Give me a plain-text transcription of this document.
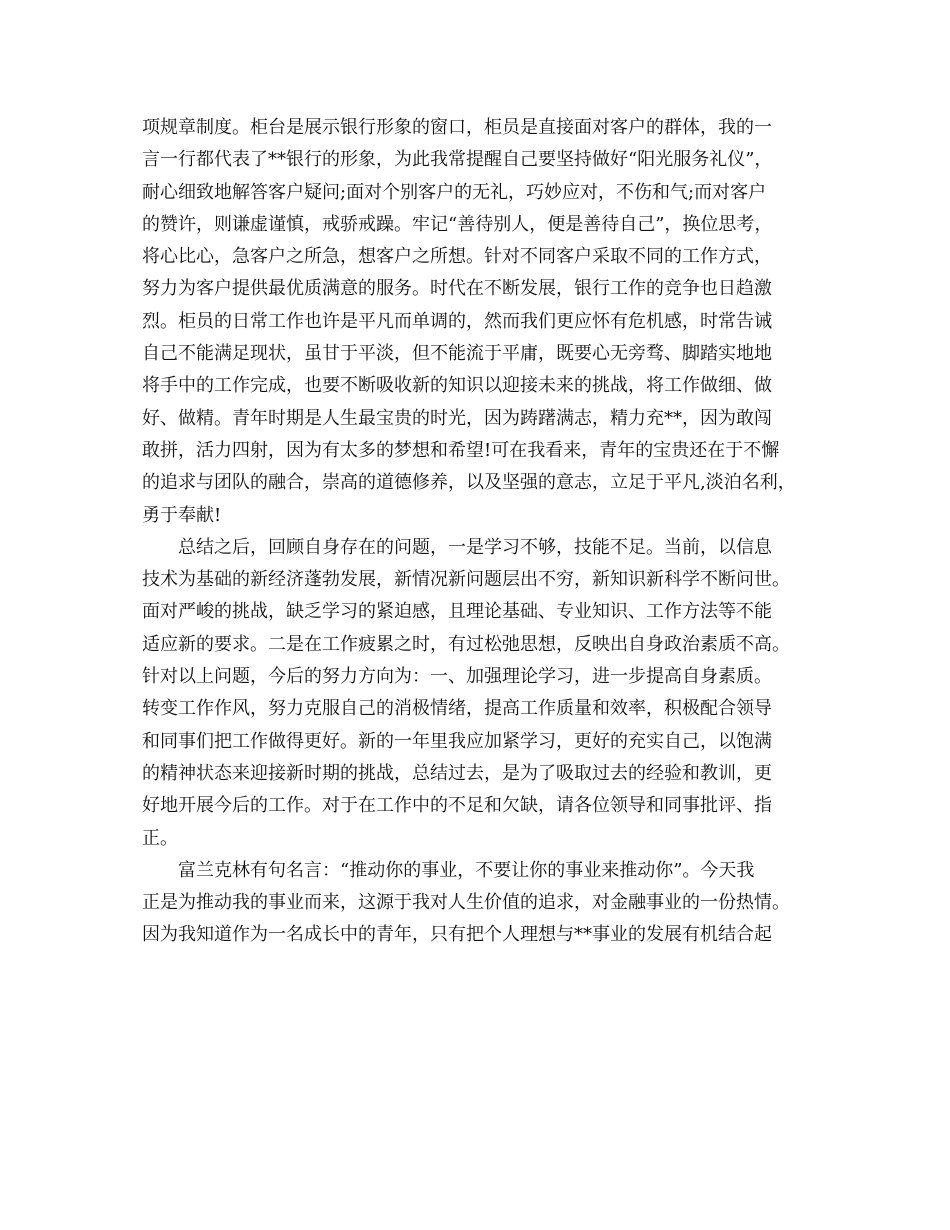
项规章制度。柜台是展示银行形象的窗口，柜员是直接面对客户的群体，我的一
言一行都代表了**银行的形象，为此我常提醒自己要坚持做好“阳光服务礼仪”，
耐心细致地解答客户疑问;面对个别客户的无礼，巧妙应对，不伤和气;而对客户
的赞许，则谦虚谨慎，戒骄戒躁。牢记“善待别人，便是善待自己”，换位思考，
将心比心，急客户之所急，想客户之所想。针对不同客户采取不同的工作方式，
努力为客户提供最优质满意的服务。时代在不断发展，银行工作的竞争也日趋激
烈。柜员的日常工作也许是平凡而单调的，然而我们更应怀有危机感，时常告诫
自己不能满足现状，虽甘于平淡，但不能流于平庸，既要心无旁骛、脚踏实地地
将手中的工作完成，也要不断吸收新的知识以迎接未来的挑战，将工作做细、做
好、做精。青年时期是人生最宝贵的时光，因为踌躇满志，精力充**，因为敢闯
敢拼，活力四射，因为有太多的梦想和希望!可在我看来，青年的宝贵还在于不懈
的追求与团队的融合，崇高的道德修养，以及坚强的意志，立足于平凡,淡泊名利，
勇于奉献!
总结之后，回顾自身存在的问题，一是学习不够，技能不足。当前，以信息
技术为基础的新经济蓬勃发展，新情况新问题层出不穷，新知识新科学不断问世。
面对严峻的挑战，缺乏学习的紧迫感，且理论基础、专业知识、工作方法等不能
适应新的要求。二是在工作疲累之时，有过松弛思想，反映出自身政治素质不高。
针对以上问题，今后的努力方向为：一、加强理论学习，进一步提高自身素质。
转变工作作风，努力克服自己的消极情绪，提高工作质量和效率，积极配合领导
和同事们把工作做得更好。新的一年里我应加紧学习，更好的充实自己，以饱满
的精神状态来迎接新时期的挑战，总结过去，是为了吸取过去的经验和教训，更
好地开展今后的工作。对于在工作中的不足和欠缺，请各位领导和同事批评、指
正。
富兰克林有句名言：“推动你的事业，不要让你的事业来推动你”。今天我
正是为推动我的事业而来，这源于我对人生价值的追求，对金融事业的一份热情。
因为我知道作为一名成长中的青年，只有把个人理想与**事业的发展有机结合起
